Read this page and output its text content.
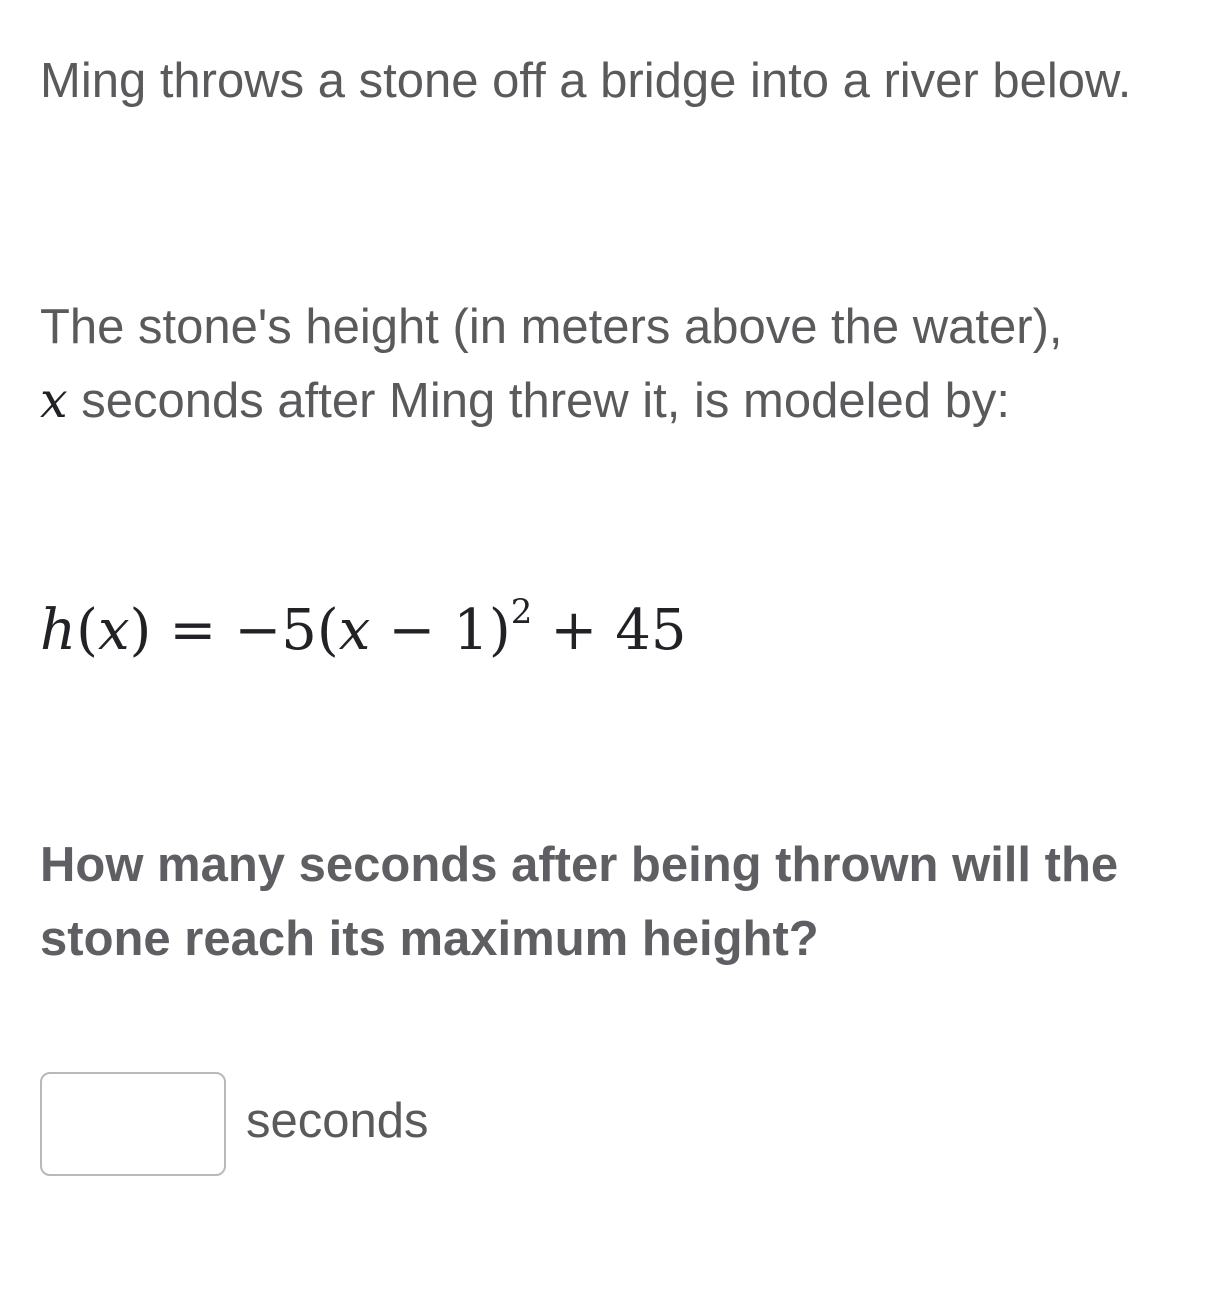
Ming throws a stone off a bridge into a river below.

The stone's height (in meters above the water),
x seconds after Ming threw it, is modeled by:

$h(x) = -5(x - 1)^2 + 45$

How many seconds after being thrown will the stone reach its maximum height?

seconds
